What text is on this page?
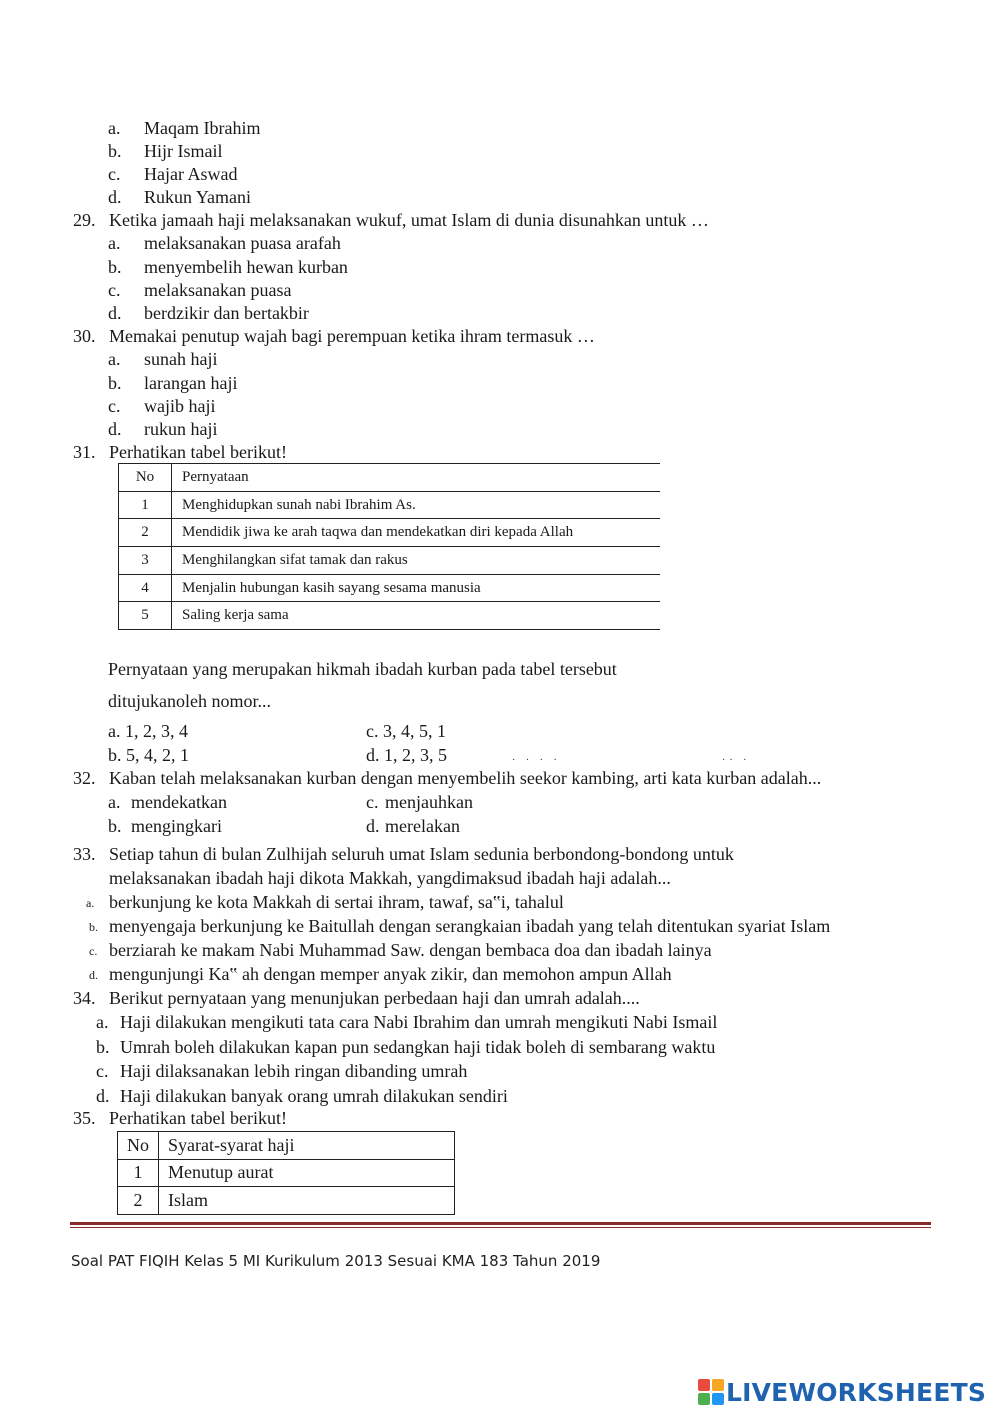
a. Maqam Ibrahim
b. Hijr Ismail
c. Hajar Aswad
d. Rukun Yamani
29. Ketika jamaah haji melaksanakan wukuf, umat Islam di dunia disunahkan untuk …
a. melaksanakan puasa arafah
b. menyembelih hewan kurban
c. melaksanakan puasa
d. berdzikir dan bertakbir
30. Memakai penutup wajah bagi perempuan ketika ihram termasuk …
a. sunah haji
b. larangan haji
c. wajib haji
d. rukun haji
31. Perhatikan tabel berikut!
No	Pernyataan
1	Menghidupkan sunah nabi Ibrahim As.
2	Mendidik jiwa ke arah taqwa dan mendekatkan diri kepada Allah
3	Menghilangkan sifat tamak dan rakus
4	Menjalin hubungan kasih sayang sesama manusia
5	Saling kerja sama
Pernyataan yang merupakan hikmah ibadah kurban pada tabel tersebut
ditujukanoleh nomor...
a. 1, 2, 3, 4
b. 5, 4, 2, 1
c. 3, 4, 5, 1
d. 1, 2, 3, 5	· · · ·	·· ·
32. Kaban telah melaksanakan kurban dengan menyembelih seekor kambing, arti kata kurban adalah...
a. mendekatkan
b. mengingkari
c. menjauhkan
d. merelakan
33. Setiap tahun di bulan Zulhijah seluruh umat Islam sedunia berbondong-bondong untuk
melaksanakan ibadah haji dikota Makkah, yangdimaksud ibadah haji adalah...
a. berkunjung ke kota Makkah di sertai ihram, tawaf, sa‟i, tahalul
b. menyengaja berkunjung ke Baitullah dengan serangkaian ibadah yang telah ditentukan syariat Islam
c. berziarah ke makam Nabi Muhammad Saw. dengan bembaca doa dan ibadah lainya
d. mengunjungi Ka‟ ah dengan memper anyak zikir, dan memohon ampun Allah
34. Berikut pernyataan yang menunjukan perbedaan haji dan umrah adalah....
a. Haji dilakukan mengikuti tata cara Nabi Ibrahim dan umrah mengikuti Nabi Ismail
b. Umrah boleh dilakukan kapan pun sedangkan haji tidak boleh di sembarang waktu
c. Haji dilaksanakan lebih ringan dibanding umrah
d. Haji dilakukan banyak orang umrah dilakukan sendiri
35. Perhatikan tabel berikut!
No	Syarat-syarat haji
1	Menutup aurat
2	Islam
Soal PAT FIQIH Kelas 5 MI Kurikulum 2013 Sesuai KMA 183 Tahun 2019
LIVEWORKSHEETS
